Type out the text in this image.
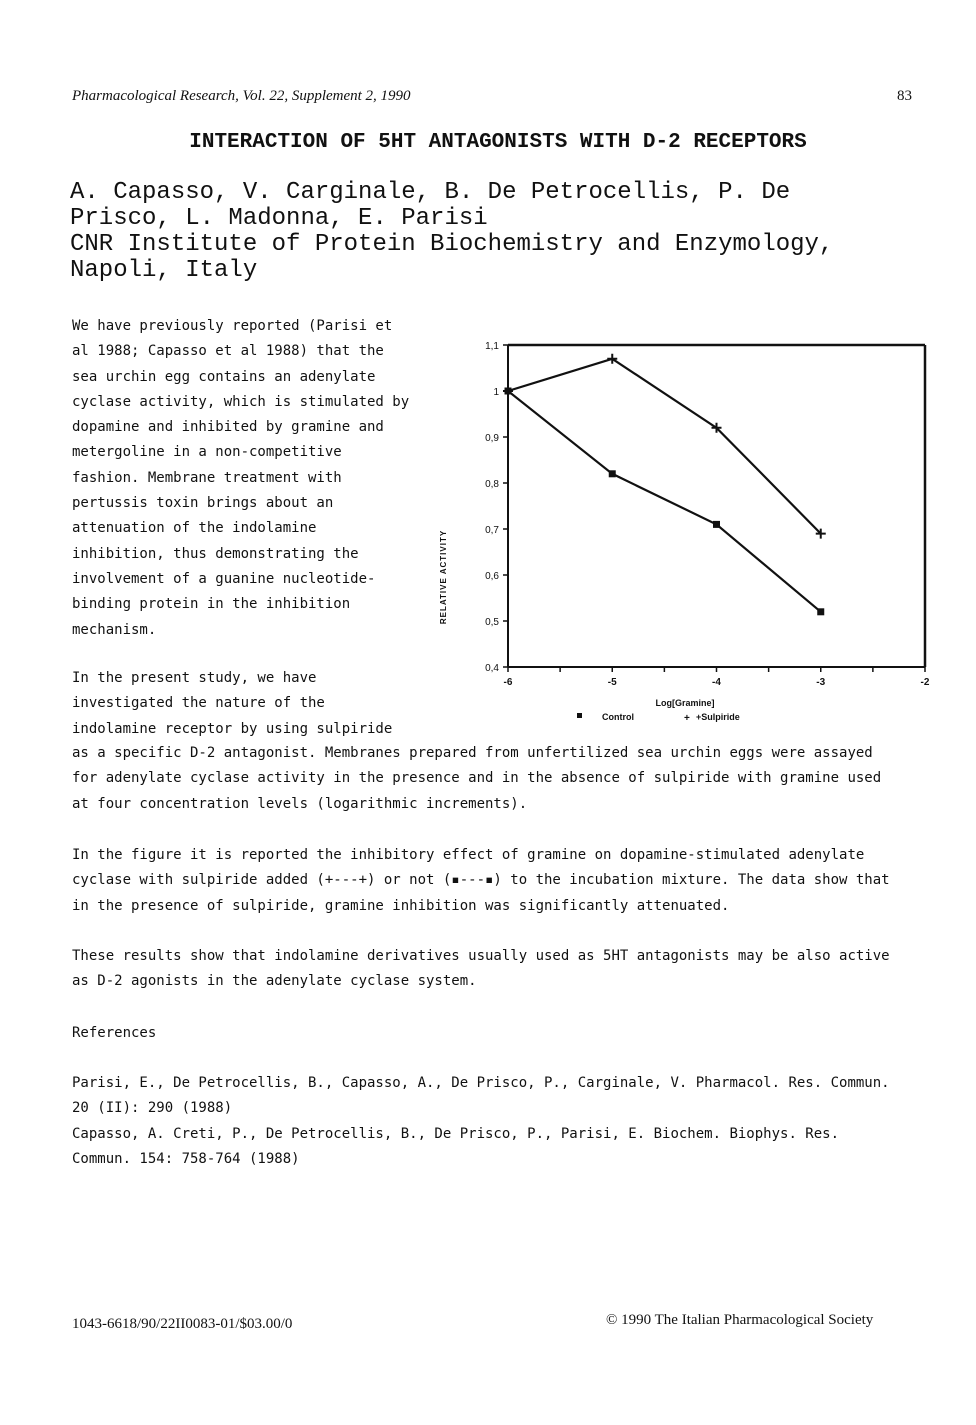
Pharmacological Research, Vol. 22, Supplement 2, 1990	83
INTERACTION OF 5HT ANTAGONISTS WITH D-2 RECEPTORS
A. Capasso, V. Carginale, B. De Petrocellis, P. De
Prisco, L. Madonna, E. Parisi
CNR Institute of Protein Biochemistry and Enzymology,
Napoli, Italy

We have previously reported (Parisi et
al 1988; Capasso et al 1988) that the
sea urchin egg contains an adenylate
cyclase activity, which is stimulated by
dopamine and inhibited by gramine and
metergoline in a non-competitive
fashion. Membrane treatment with
pertussis toxin brings about an
attenuation of the indolamine
inhibition, thus demonstrating the
involvement of a guanine nucleotide-
binding protein in the inhibition
mechanism.

0,4
0,5
0,6
0,7
0,8
0,9
1
1,1
-6	-5	-4	-3	-2
RELATIVE ACTIVITY
Log[Gramine]
Control	+ +Sulpiride

In the present study, we have
investigated the nature of the
indolamine receptor by using sulpiride

as a specific D-2 antagonist. Membranes prepared from unfertilized sea urchin eggs were assayed
for adenylate cyclase activity in the presence and in the absence of sulpiride with gramine used
at four concentration levels (logarithmic increments).

In the figure it is reported the inhibitory effect of gramine on dopamine-stimulated adenylate
cyclase with sulpiride added (+---+) or not (▪---▪) to the incubation mixture. The data show that
in the presence of sulpiride, gramine inhibition was significantly attenuated.

These results show that indolamine derivatives usually used as 5HT antagonists may be also active
as D-2 agonists in the adenylate cyclase system.

References

Parisi, E., De Petrocellis, B., Capasso, A., De Prisco, P., Carginale, V. Pharmacol. Res. Commun.
20 (II): 290 (1988)

Capasso, A. Creti, P., De Petrocellis, B., De Prisco, P., Parisi, E. Biochem. Biophys. Res.
Commun. 154: 758-764 (1988)

1043-6618/90/22II0083-01/$03.00/0	© 1990 The Italian Pharmacological Society
